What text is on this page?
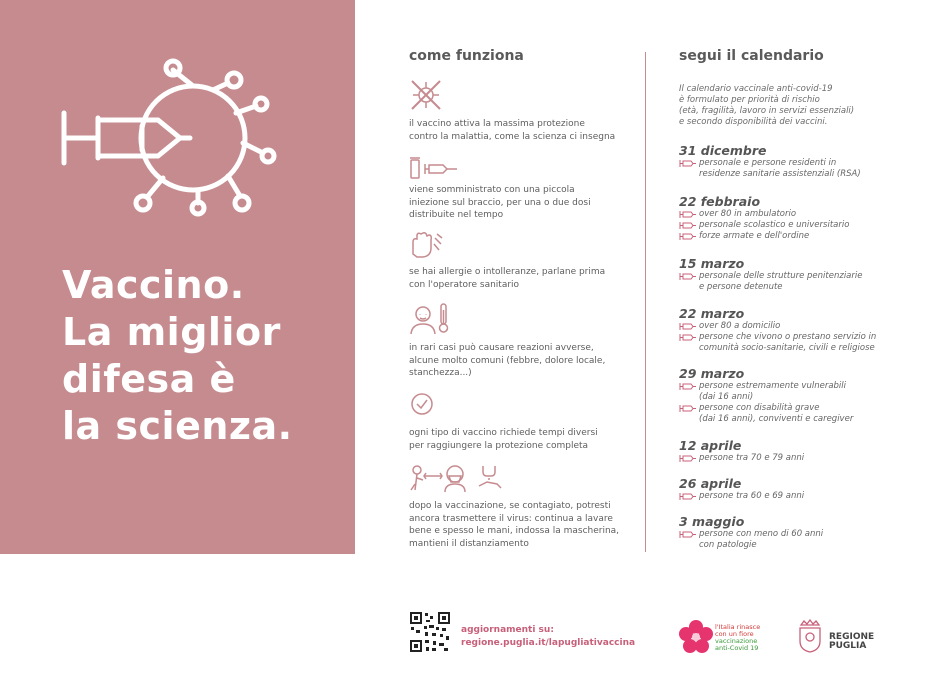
Vaccino.
La miglior
difesa è
la scienza.
come funziona

il vaccino attiva la massima protezione
contro la malattia, come la scienza ci insegna

viene somministrato con una piccola
iniezione sul braccio, per una o due dosi
distribuite nel tempo

se hai allergie o intolleranze, parlane prima
con l'operatore sanitario

in rari casi può causare reazioni avverse,
alcune molto comuni (febbre, dolore locale,
stanchezza...)

ogni tipo di vaccino richiede tempi diversi
per raggiungere la protezione completa

dopo la vaccinazione, se contagiato, potresti
ancora trasmettere il virus: continua a lavare
bene e spesso le mani, indossa la mascherina,
mantieni il distanziamento

segui il calendario

Il calendario vaccinale anti-covid-19
è formulato per priorità di rischio
(età, fragilità, lavoro in servizi essenziali)
e secondo disponibilità dei vaccini.

31 dicembre

personale e persone residenti in
residenze sanitarie assistenziali (RSA)

22 febbraio

over 80 in ambulatorio

personale scolastico e universitario

forze armate e dell'ordine

15 marzo

personale delle strutture penitenziarie
e persone detenute

22 marzo

over 80 a domicilio

persone che vivono o prestano servizio in
comunità socio-sanitarie, civili e religiose

29 marzo

persone estremamente vulnerabili
(dai 16 anni)

persone con disabilità grave
(dai 16 anni), conviventi e caregiver

12 aprile

persone tra 70 e 79 anni

26 aprile

persone tra 60 e 69 anni

3 maggio

persone con meno di 60 anni
con patologie

aggiornamenti su:
regione.puglia.it/lapugliativaccina

l'Italia rinasce
con un fiore
vaccinazione
anti-Covid 19

REGIONE
PUGLIA
